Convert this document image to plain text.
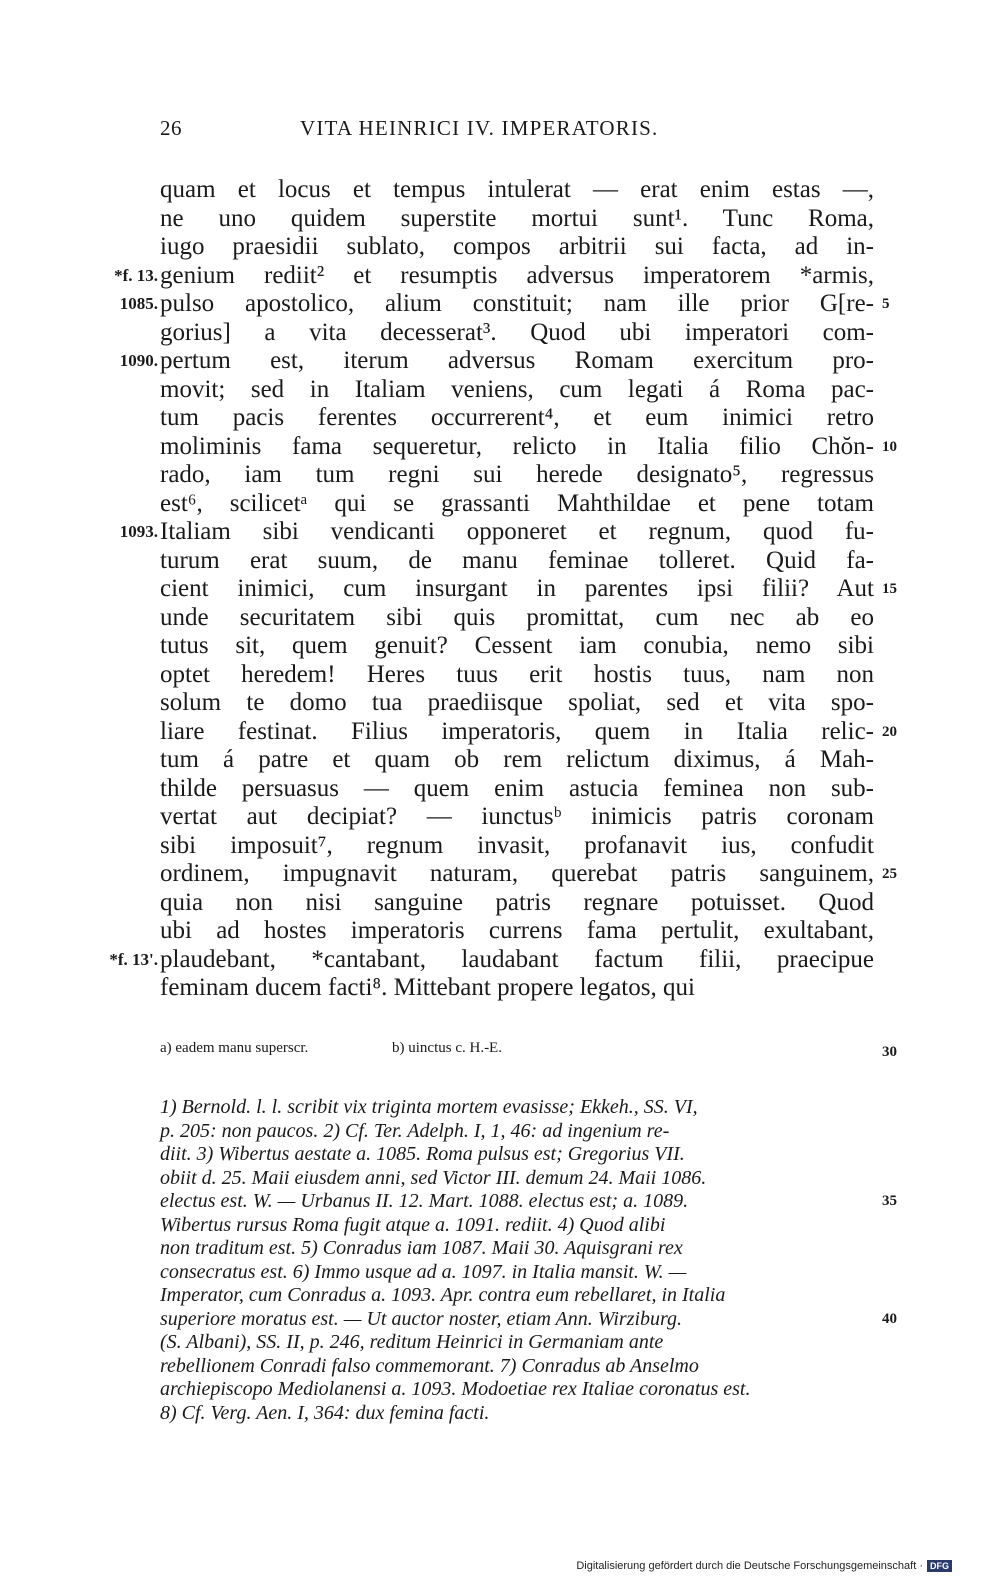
26	VITA HEINRICI IV. IMPERATORIS.
quam et locus et tempus intulerat — erat enim estas —,
ne uno quidem superstite mortui sunt¹. Tunc Roma,
iugo praesidii sublato, compos arbitrii sui facta, ad in-
genium rediit² et resumptis adversus imperatorem *armis,
*f. 13.
pulso apostolico, alium constituit; nam ille prior G[re-
1085.	5
gorius] a vita decesserat³. Quod ubi imperatori com-
pertum est, iterum adversus Romam exercitum pro-
1090.
movit; sed in Italiam veniens, cum legati á Roma pac-
tum pacis ferentes occurrerent⁴, et eum inimici retro
moliminis fama sequeretur, relicto in Italia filio Chŏn- 10
rado, iam tum regni sui herede designato⁵, regressus
est⁶, scilicetᵃ qui se grassanti Mahthildae et pene totam
Italiam sibi vendicanti opponeret et regnum, quod fu-
1093.
turum erat suum, de manu feminae tolleret. Quid fa-
cient inimici, cum insurgant in parentes ipsi filii? Aut 15
unde securitatem sibi quis promittat, cum nec ab eo
tutus sit, quem genuit? Cessent iam conubia, nemo sibi
optet heredem! Heres tuus erit hostis tuus, nam non
solum te domo tua praediisque spoliat, sed et vita spo-
liare festinat. Filius imperatoris, quem in Italia relic- 20
tum á patre et quam ob rem relictum diximus, á Mah-
thilde persuasus — quem enim astucia feminea non sub-
vertat aut decipiat? — iunctusᵇ inimicis patris coronam
sibi imposuit⁷, regnum invasit, profanavit ius, confudit
ordinem, impugnavit naturam, querebat patris sanguinem, 25
quia non nisi sanguine patris regnare potuisset. Quod
ubi ad hostes imperatoris currens fama pertulit, exultabant,
plaudebant, *cantabant, laudabant factum filii, praecipue
*f. 13'.
feminam ducem facti⁸. Mittebant propere legatos, qui
a) eadem manu superscr.	b) uinctus c. H.-E.	30
1) Bernold. l. l. scribit vix triginta mortem evasisse; Ekkeh., SS. VI,
p. 205: non paucos. 2) Cf. Ter. Adelph. I, 1, 46: ad ingenium re-
diit. 3) Wibertus aestate a. 1085. Roma pulsus est; Gregorius VII.
obiit d. 25. Maii eiusdem anni, sed Victor III. demum 24. Maii 1086.
electus est. W. — Urbanus II. 12. Mart. 1088. electus est; a. 1089.	35
Wibertus rursus Roma fugit atque a. 1091. rediit. 4) Quod alibi
non traditum est. 5) Conradus iam 1087. Maii 30. Aquisgrani rex
consecratus est. 6) Immo usque ad a. 1097. in Italia mansit. W. —
Imperator, cum Conradus a. 1093. Apr. contra eum rebellaret, in Italia
superiore moratus est. — Ut auctor noster, etiam Ann. Wirziburg.	40
(S. Albani), SS. II, p. 246, reditum Heinrici in Germaniam ante
rebellionem Conradi falso commemorant. 7) Conradus ab Anselmo
archiepiscopo Mediolanensi a. 1093. Modoetiae rex Italiae coronatus est.
8) Cf. Verg. Aen. I, 364: dux femina facti.
Digitalisierung gefördert durch die Deutsche Forschungsgemeinschaft · DFG
